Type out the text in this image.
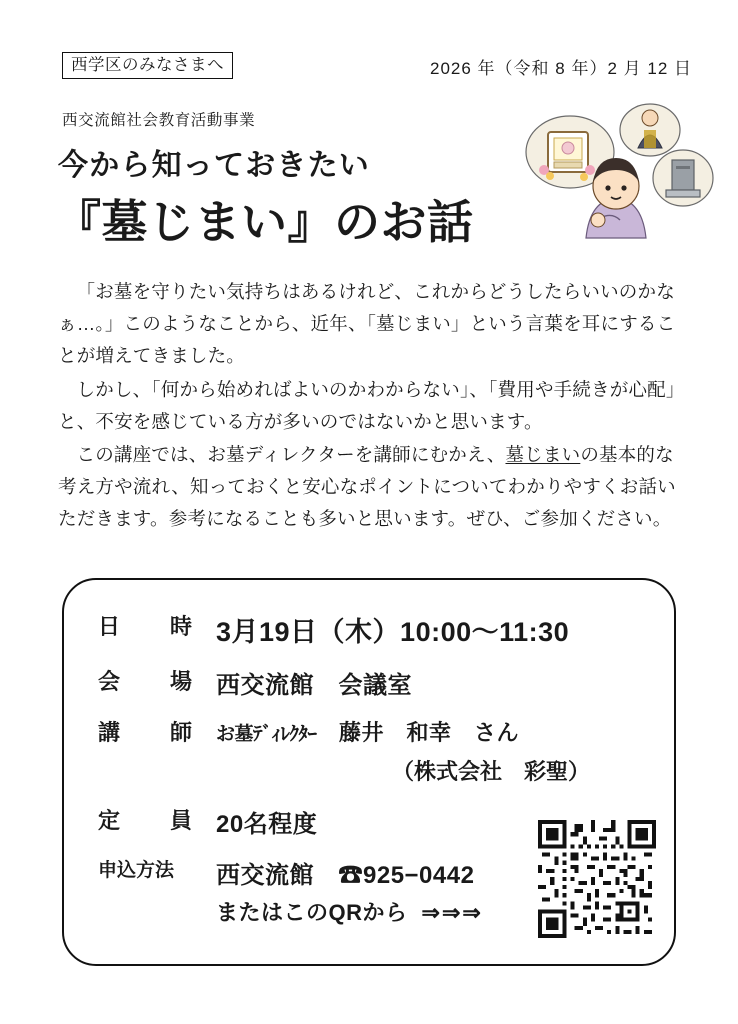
西学区のみなさまへ	2026 年（令和 8 年）2 月 12 日
西交流館社会教育活動事業
今から知っておきたい
『墓じまい』のお話

「お墓を守りたい気持ちはあるけれど、これからどうしたらいいのかなぁ…。」このようなことから、近年、「墓じまい」という言葉を耳にすることが増えてきました。

しかし、「何から始めればよいのかわからない」、「費用や手続きが心配」と、不安を感じている方が多いのではないかと思います。

この講座では、お墓ディレクターを講師にむかえ、墓じまいの基本的な考え方や流れ、知っておくと安心なポイントについてわかりやすくお話いただきます。参考になることも多いと思います。ぜひ、ご参加ください。

日　時 3月19日（木）10:00〜11:30
会　場 西交流館　会議室
講　師 お墓ﾃﾞｨﾚｸﾀｰ　 藤井　和幸　さん
（株式会社　彩聖）
定　員 20名程度
申込方法	西交流館　☎925−0442
またはこのQRから ⇒⇒⇒
